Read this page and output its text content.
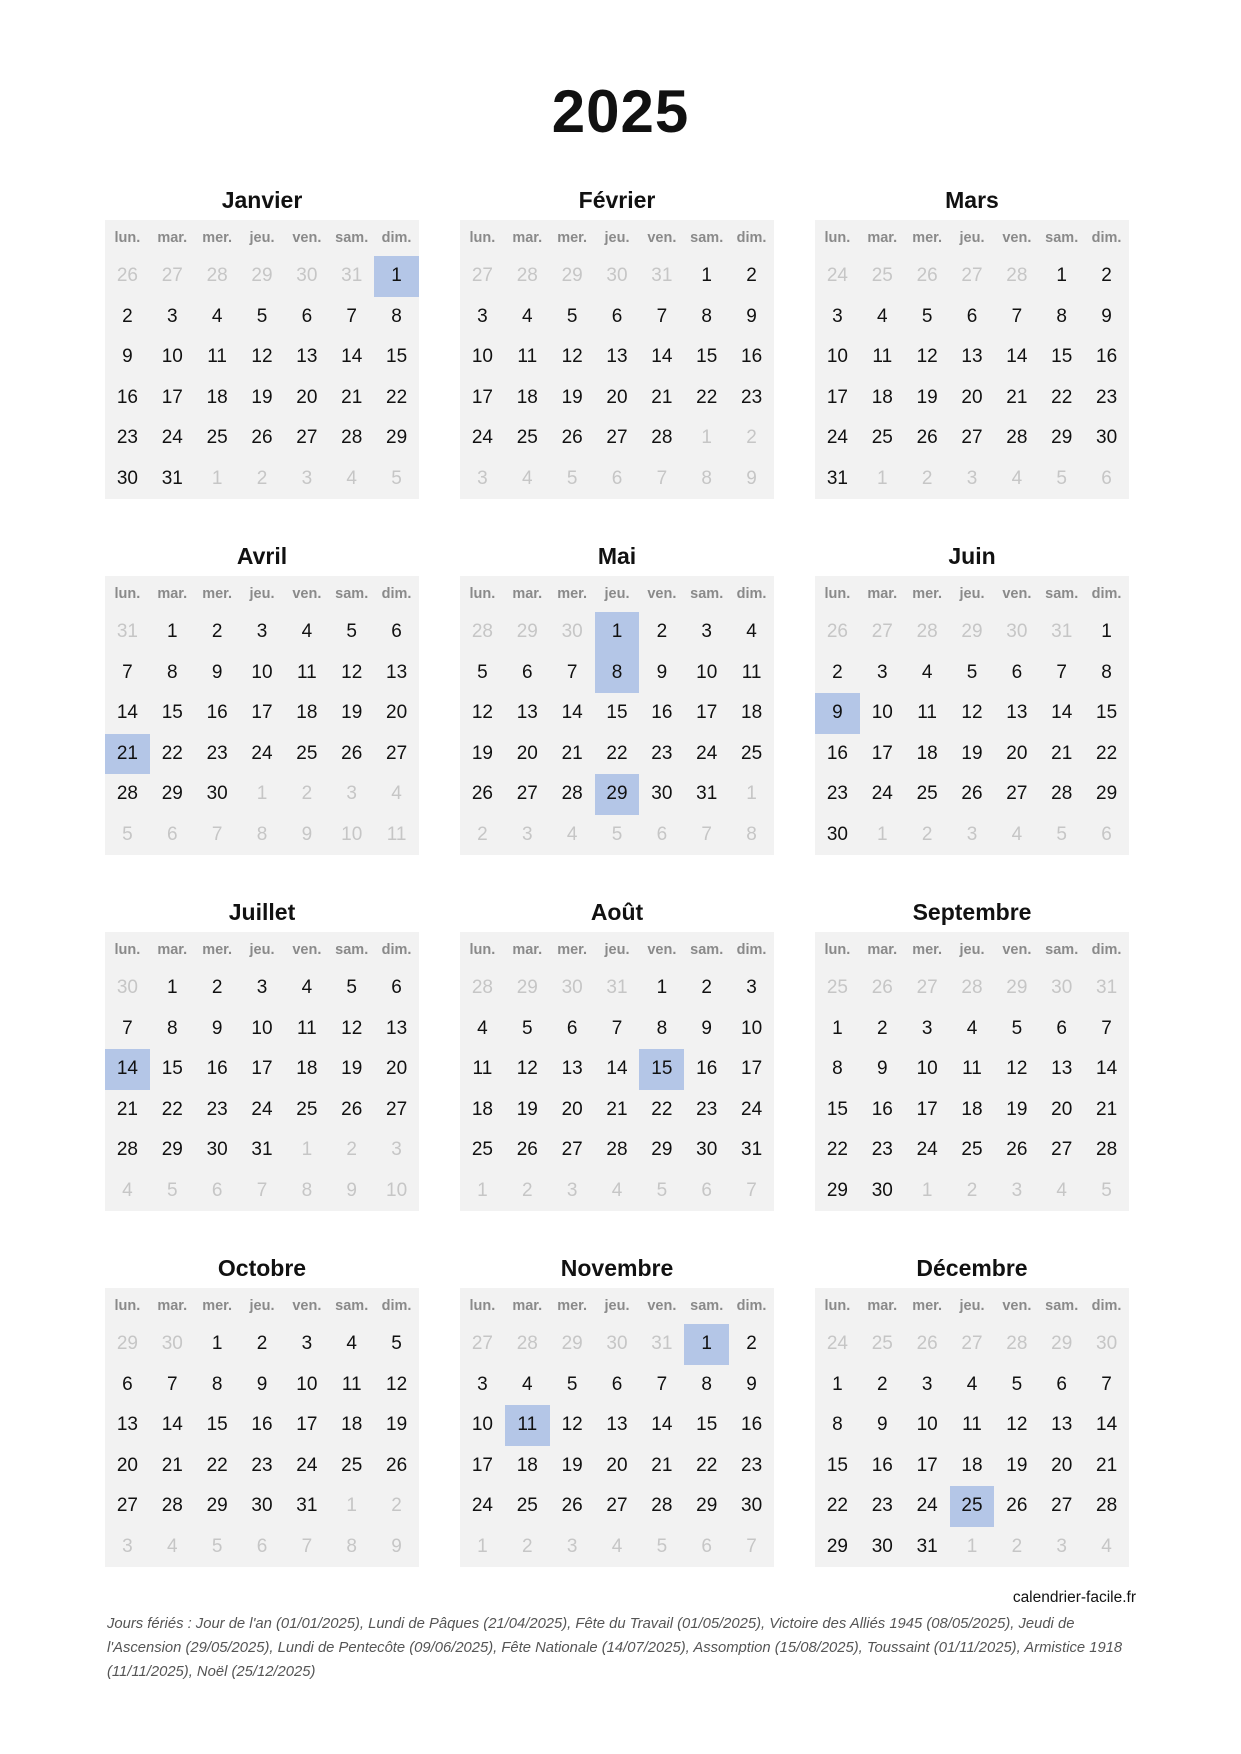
2025
Janvier
lun.	mar.	mer.	jeu.	ven. sam. dim.
26	27	28	29	30	31	1
2	3	4	5	6	7	8
9	10	11	12	13	14	15
16	17	18	19	20	21	22
23	24	25	26	27	28	29
30	31	1	2	3	4	5
Février
lun.	mar.	mer.	jeu.	ven. sam. dim.
27	28	29	30	31	1	2
3	4	5	6	7	8	9
10	11	12	13	14	15	16
17	18	19	20	21	22	23
24	25	26	27	28	1	2
3	4	5	6	7	8	9
Mars
lun.	mar.	mer.	jeu.	ven. sam. dim.
24	25	26	27	28	1	2
3	4	5	6	7	8	9
10	11	12	13	14	15	16
17	18	19	20	21	22	23
24	25	26	27	28	29	30
31	1	2	3	4	5	6
Avril
lun.	mar.	mer.	jeu.	ven. sam. dim.
31	1	2	3	4	5	6
7	8	9	10	11	12	13
14	15	16	17	18	19	20
21	22	23	24	25	26	27
28	29	30	1	2	3	4
5	6	7	8	9	10	11
Mai
lun.	mar.	mer.	jeu.	ven. sam. dim.
28	29	30	1	2	3	4
5	6	7	8	9	10	11
12	13	14	15	16	17	18
19	20	21	22	23	24	25
26	27	28	29	30	31	1
2	3	4	5	6	7	8
Juin
lun.	mar.	mer.	jeu.	ven. sam. dim.
26	27	28	29	30	31	1
2	3	4	5	6	7	8
9	10	11	12	13	14	15
16	17	18	19	20	21	22
23	24	25	26	27	28	29
30	1	2	3	4	5	6
Juillet
lun.	mar.	mer.	jeu.	ven. sam. dim.
30	1	2	3	4	5	6
7	8	9	10	11	12	13
14	15	16	17	18	19	20
21	22	23	24	25	26	27
28	29	30	31	1	2	3
4	5	6	7	8	9	10
Août
lun.	mar.	mer.	jeu.	ven. sam. dim.
28	29	30	31	1	2	3
4	5	6	7	8	9	10
11	12	13	14	15	16	17
18	19	20	21	22	23	24
25	26	27	28	29	30	31
1	2	3	4	5	6	7
Septembre
lun.	mar.	mer.	jeu.	ven. sam. dim.
25	26	27	28	29	30	31
1	2	3	4	5	6	7
8	9	10	11	12	13	14
15	16	17	18	19	20	21
22	23	24	25	26	27	28
29	30	1	2	3	4	5
Octobre
lun.	mar.	mer.	jeu.	ven. sam. dim.
29	30	1	2	3	4	5
6	7	8	9	10	11	12
13	14	15	16	17	18	19
20	21	22	23	24	25	26
27	28	29	30	31	1	2
3	4	5	6	7	8	9
Novembre
lun.	mar.	mer.	jeu.	ven. sam. dim.
27	28	29	30	31	1	2
3	4	5	6	7	8	9
10	11	12	13	14	15	16
17	18	19	20	21	22	23
24	25	26	27	28	29	30
1	2	3	4	5	6	7
Décembre
lun.	mar.	mer.	jeu.	ven. sam. dim.
24	25	26	27	28	29	30
1	2	3	4	5	6	7
8	9	10	11	12	13	14
15	16	17	18	19	20	21
22	23	24	25	26	27	28
29	30	31	1	2	3	4
calendrier-facile.fr
Jours fériés : Jour de l'an (01/01/2025), Lundi de Pâques (21/04/2025), Fête du Travail (01/05/2025), Victoire des Alliés 1945 (08/05/2025), Jeudi de l'Ascension (29/05/2025), Lundi de Pentecôte (09/06/2025), Fête Nationale (14/07/2025), Assomption (15/08/2025), Toussaint (01/11/2025), Armistice 1918 (11/11/2025), Noël (25/12/2025)
